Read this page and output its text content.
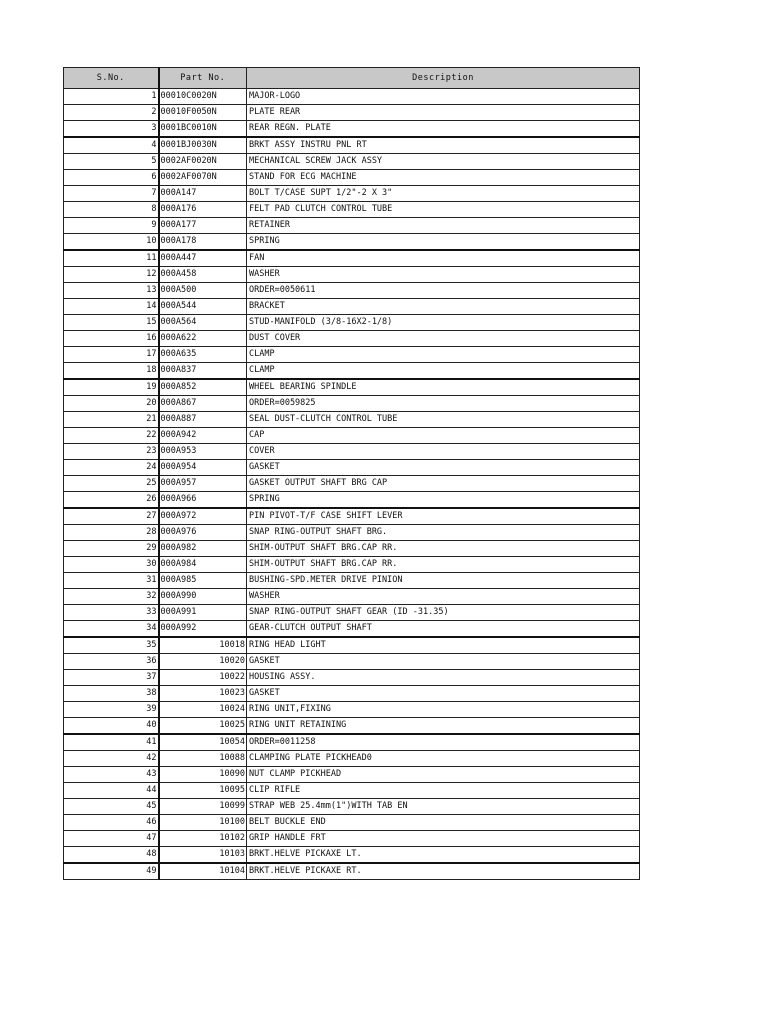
S.No.	Part No.	Description
1	00010C0020N	MAJOR-LOGO
2	00010F0050N	PLATE REAR
3	0001BC0010N	REAR REGN. PLATE
4	0001BJ0030N	BRKT ASSY INSTRU PNL RT
5	0002AF0020N	MECHANICAL SCREW JACK ASSY
6	0002AF0070N	STAND FOR ECG MACHINE
7	000A147	BOLT T/CASE SUPT 1/2"-2 X 3"
8	000A176	FELT PAD CLUTCH CONTROL TUBE
9	000A177	RETAINER
10	000A178	SPRING
11	000A447	FAN
12	000A458	WASHER
13	000A500	ORDER=0050611
14	000A544	BRACKET
15	000A564	STUD-MANIFOLD (3/8-16X2-1/8)
16	000A622	DUST COVER
17	000A635	CLAMP
18	000A837	CLAMP
19	000A852	WHEEL BEARING SPINDLE
20	000A867	ORDER=0059825
21	000A887	SEAL DUST-CLUTCH CONTROL TUBE
22	000A942	CAP
23	000A953	COVER
24	000A954	GASKET
25	000A957	GASKET OUTPUT SHAFT BRG CAP
26	000A966	SPRING
27	000A972	PIN PIVOT-T/F CASE SHIFT LEVER
28	000A976	SNAP RING-OUTPUT SHAFT BRG.
29	000A982	SHIM-OUTPUT SHAFT BRG.CAP RR.
30	000A984	SHIM-OUTPUT SHAFT BRG.CAP RR.
31	000A985	BUSHING-SPD.METER DRIVE PINION
32	000A990	WASHER
33	000A991	SNAP RING-OUTPUT SHAFT GEAR (ID -31.35)
34	000A992	GEAR-CLUTCH OUTPUT SHAFT
35	10018	RING HEAD LIGHT
36	10020	GASKET
37	10022	HOUSING ASSY.
38	10023	GASKET
39	10024	RING UNIT,FIXING
40	10025	RING UNIT RETAINING
41	10054	ORDER=0011258
42	10088	CLAMPING PLATE PICKHEAD0
43	10090	NUT CLAMP PICKHEAD
44	10095	CLIP RIFLE
45	10099	STRAP WEB 25.4mm(1")WITH TAB EN
46	10100	BELT BUCKLE END
47	10102	GRIP HANDLE FRT
48	10103	BRKT.HELVE PICKAXE LT.
49	10104	BRKT.HELVE PICKAXE RT.
